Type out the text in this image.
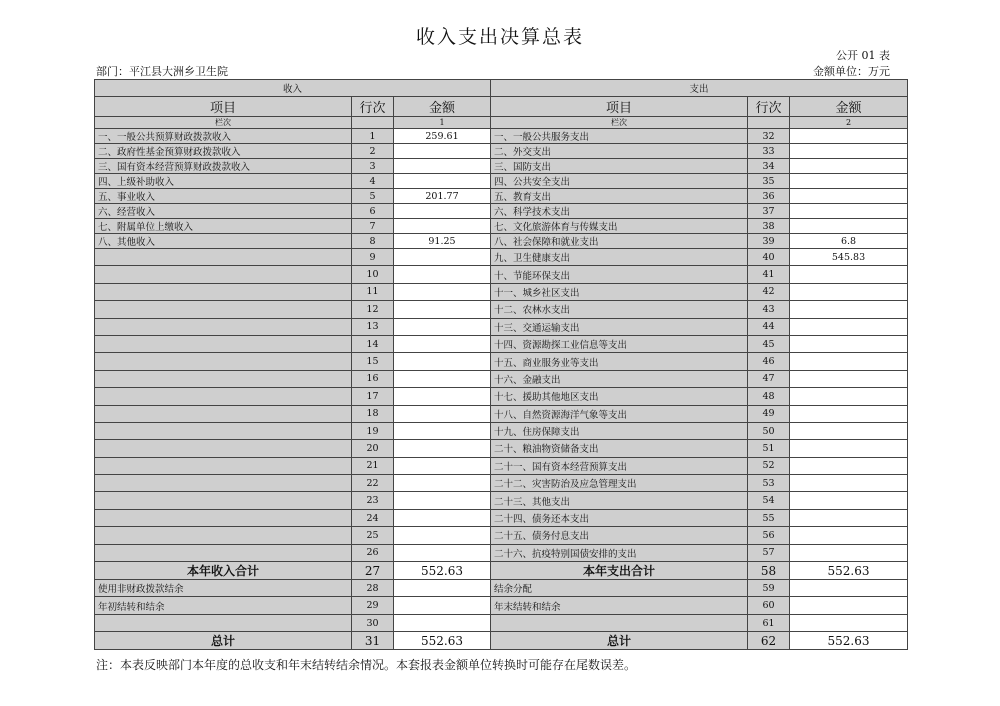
收入支出决算总表
公开 01 表
部门：平江县大洲乡卫生院	金额单位：万元
收入			支出		
项目	行次	金额	项目	行次	金额
栏次		1	栏次		2
一、一般公共预算财政拨款收入	1	259.61	一、一般公共服务支出	32	
二、政府性基金预算财政拨款收入	2		二、外交支出	33	
三、国有资本经营预算财政拨款收入	3		三、国防支出	34	
四、上级补助收入	4		四、公共安全支出	35	
五、事业收入	5	201.77	五、教育支出	36	
六、经营收入	6		六、科学技术支出	37	
七、附属单位上缴收入	7		七、文化旅游体育与传媒支出	38	
八、其他收入	8	91.25	八、社会保障和就业支出	39	6.8
	9		九、卫生健康支出	40	545.83
	10		十、节能环保支出	41	
	11		十一、城乡社区支出	42	
	12		十二、农林水支出	43	
	13		十三、交通运输支出	44	
	14		十四、资源勘探工业信息等支出	45	
	15		十五、商业服务业等支出	46	
	16		十六、金融支出	47	
	17		十七、援助其他地区支出	48	
	18		十八、自然资源海洋气象等支出	49	
	19		十九、住房保障支出	50	
	20		二十、粮油物资储备支出	51	
	21		二十一、国有资本经营预算支出	52	
	22		二十二、灾害防治及应急管理支出	53	
	23		二十三、其他支出	54	
	24		二十四、债务还本支出	55	
	25		二十五、债务付息支出	56	
	26		二十六、抗疫特别国债安排的支出	57	
本年收入合计	27	552.63	本年支出合计	58	552.63
使用非财政拨款结余	28		结余分配	59	
年初结转和结余	29		年末结转和结余	60	
	30			61	
总计	31	552.63	总计	62	552.63
注：本表反映部门本年度的总收支和年末结转结余情况。本套报表金额单位转换时可能存在尾数误差。
